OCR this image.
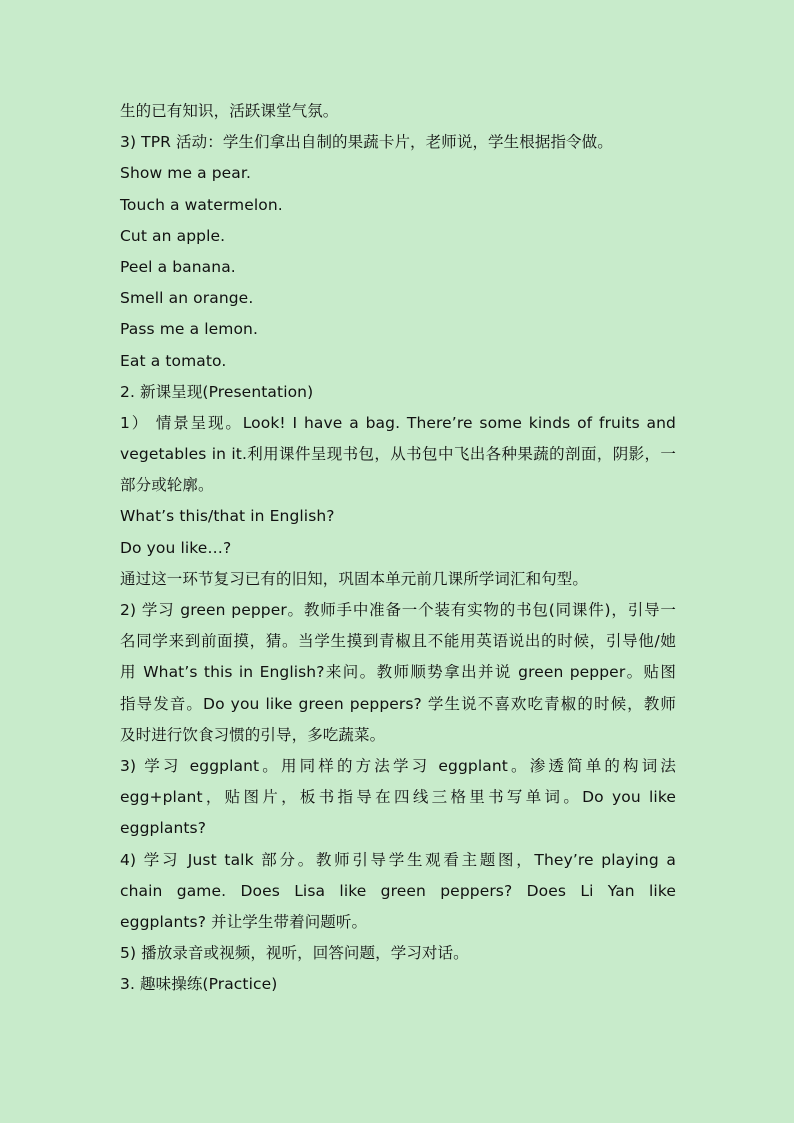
生的已有知识，活跃课堂气氛。
3) TPR 活动：学生们拿出自制的果蔬卡片，老师说，学生根据指令做。
Show me a pear.
Touch a watermelon.
Cut an apple.
Peel a banana.
Smell an orange.
Pass me a lemon.
Eat a tomato.
2. 新课呈现(Presentation)
1） 情景呈现。Look! I have a bag. There’re some kinds of fruits and
vegetables in it.利用课件呈现书包，从书包中飞出各种果蔬的剖面，阴影，一
部分或轮廓。
What’s this/that in English?
Do you like…?
通过这一环节复习已有的旧知，巩固本单元前几课所学词汇和句型。
2) 学习 green pepper。教师手中准备一个装有实物的书包(同课件)，引导一
名同学来到前面摸，猜。当学生摸到青椒且不能用英语说出的时候，引导他/她
用 What’s this in English?来问。教师顺势拿出并说 green pepper。贴图
指导发音。Do you like green peppers? 学生说不喜欢吃青椒的时候，教师
及时进行饮食习惯的引导，多吃蔬菜。
3) 学习 eggplant。用同样的方法学习 eggplant。渗透简单的构词法
egg+plant，贴图片，板书指导在四线三格里书写单词。Do you like
eggplants?
4) 学习 Just talk 部分。教师引导学生观看主题图，They’re playing a
chain game. Does Lisa like green peppers? Does Li Yan like
eggplants? 并让学生带着问题听。
5) 播放录音或视频，视听，回答问题，学习对话。
3. 趣味操练(Practice)
